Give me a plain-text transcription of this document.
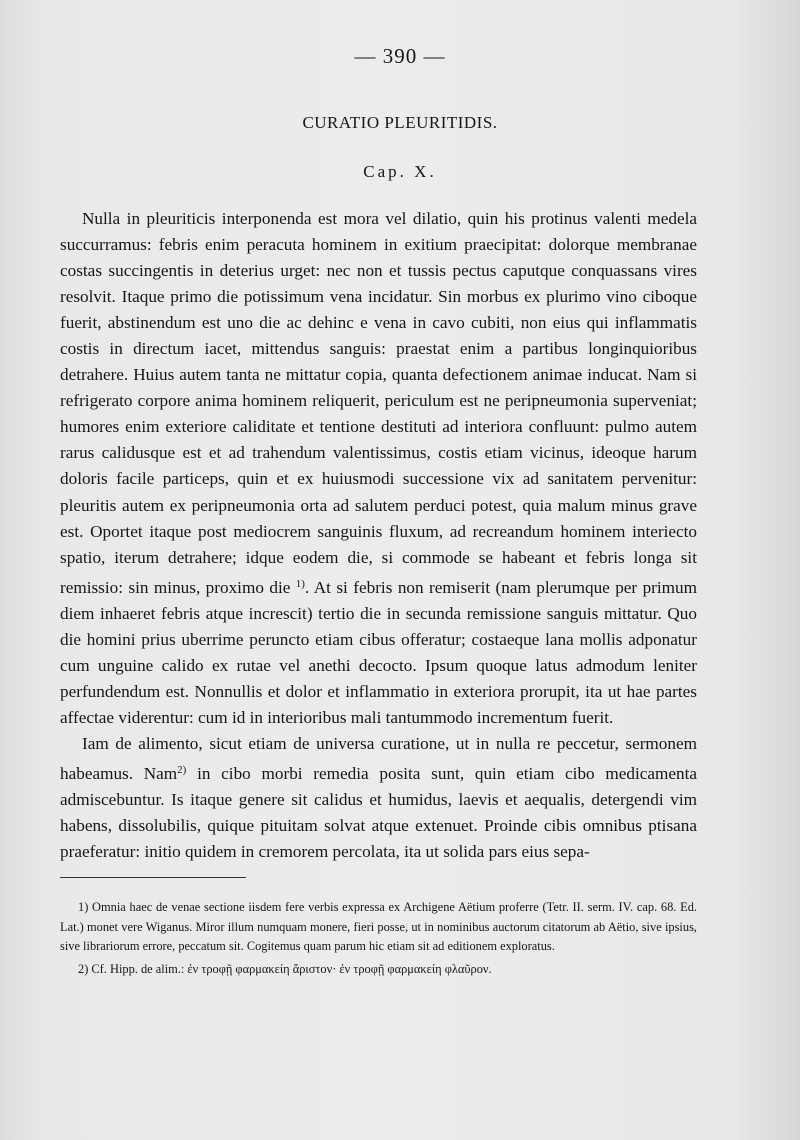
— 390 —
CURATIO PLEURITIDIS.
Cap. X.

Nulla in pleuriticis interponenda est mora vel dilatio, quin his protinus valenti medela succurramus: febris enim peracuta hominem in exitium praecipitat: dolorque membranae costas succingentis in deterius urget: nec non et tussis pectus caputque conquassans vires resolvit. Itaque primo die potissimum vena incidatur. Sin morbus ex plurimo vino ciboque fuerit, abstinendum est uno die ac dehinc e vena in cavo cubiti, non eius qui inflammatis costis in directum iacet, mittendus sanguis: praestat enim a partibus longinquioribus detrahere. Huius autem tanta ne mittatur copia, quanta defectionem animae inducat. Nam si refrigerato corpore anima hominem reliquerit, periculum est ne peripneumonia superveniat; humores enim exteriore caliditate et tentione destituti ad interiora confluunt: pulmo autem rarus calidusque est et ad trahendum valentissimus, costis etiam vicinus, ideoque harum doloris facile particeps, quin et ex huiusmodi successione vix ad sanitatem pervenitur: pleuritis autem ex peripneumonia orta ad salutem perduci potest, quia malum minus grave est. Oportet itaque post mediocrem sanguinis fluxum, ad recreandum hominem interiecto spatio, iterum detrahere; idque eodem die, si commode se habeant et febris longa sit remissio: sin minus, proximo die $^{1)}$. At si febris non remiserit (nam plerumque per primum diem inhaeret febris atque increscit) tertio die in secunda remissione sanguis mittatur. Quo die homini prius uberrime peruncto etiam cibus offeratur; costaeque lana mollis adponatur cum unguine calido ex rutae vel anethi decocto. Ipsum quoque latus admodum leniter perfundendum est. Nonnullis et dolor et inflammatio in exteriora prorupit, ita ut hae partes affectae viderentur: cum id in interioribus mali tantummodo incrementum fuerit.

Iam de alimento, sicut etiam de universa curatione, ut in nulla re peccetur, sermonem habeamus. Nam$^{2)}$ in cibo morbi remedia posita sunt, quin etiam cibo medicamenta admiscebuntur. Is itaque genere sit calidus et humidus, laevis et aequalis, detergendi vim habens, dissolubilis, quique pituitam solvat atque extenuet. Proinde cibis omnibus ptisana praeferatur: initio quidem in cremorem percolata, ita ut solida pars eius sepa-

1) Omnia haec de venae sectione iisdem fere verbis expressa ex Archigene Aëtium proferre (Tetr. II. serm. IV. cap. 68. Ed. Lat.) monet vere Wiganus. Miror illum numquam monere, fieri posse, ut in nominibus auctorum citatorum ab Aëtio, sive ipsius, sive librariorum errore, peccatum sit. Cogitemus quam parum hic etiam sit ad editionem exploratus.

2) Cf. Hipp. de alim.: ἐν τροφῇ φαρμακείη ἄριστον· ἐν τροφῇ φαρμακείη φλαῦρον.
